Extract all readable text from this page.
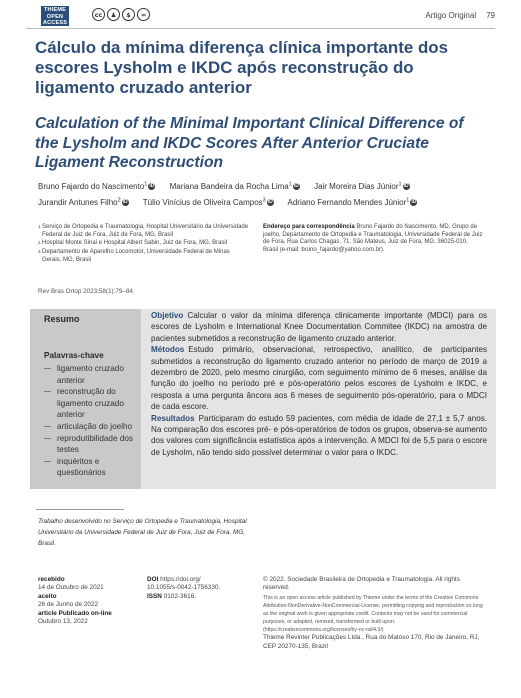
THIEME
OPEN
ACCESS
cc	♟	$	=	Artigo Original 79
Cálculo da mínima diferença clínica importante dos escores Lysholm e IKDC após reconstrução do ligamento cruzado anterior
Calculation of the Minimal Important Clinical Difference of the Lysholm and IKDC Scores After Anterior Cruciate Ligament Reconstruction
Bruno Fajardo do Nascimento$^1$ iD Mariana Bandeira da Rocha Lima$^1$ iD Jair Moreira Dias Júnior$^1$ iD
Jurandir Antunes Filho$^2$ iD Túlio Vinícius de Oliveira Campos$^3$ iD Adriano Fernando Mendes Júnior$^1$ iD
1 Serviço de Ortopedia e Traumatologia, Hospital Universitário da Universidade Federal de Juiz de Fora, Juiz de Fora, MG, Brasil
2 Hospital Monte Sinai e Hospital Albert Sabin, Juiz de Fora, MG, Brasil
3 Departamento de Aparelho Locomotor, Universidade Federal de Minas Gerais, MG, Brasil
Endereço para correspondência Bruno Fajardo do Nascimento, MD, Grupo de joelho, Departamento de Ortopedia e Traumatologia, Universidade Federal de Juiz de Fora, Rua Carlos Chagas, 71, São Mateus, Juiz de Fora, MG, 36025-010, Brasil (e-mail: bruno_fajardo@yahoo.com.br).
Rev Bras Ortop 2023;58(1):79–84.
Resumo
Palavras-chave
— ligamento cruzado anterior
— reconstrução do ligamento cruzado anterior
— articulação do joelho
— reprodutibilidade dos testes
— inquéritos e questionários

Objetivo Calcular o valor da mínima diferença clinicamente importante (MDCI) para os escores de Lysholm e International Knee Documentation Commitee (IKDC) na amostra de pacientes submetidos a reconstrução de ligamento cruzado anterior.

Métodos Estudo primário, observacional, retrospectivo, analítico, de participantes submetidos a reconstrução do ligamento cruzado anterior no período de março de 2019 a dezembro de 2020, pelo mesmo cirurgião, com seguimento mínimo de 6 meses, análise da função do joelho no período pré e pós-operatório pelos escores de Lysholm e IKDC, e resposta a uma pergunta âncora aos 6 meses de seguimento pós-operatório, para o MDCI de cada escore.

Resultados Participaram do estudo 59 pacientes, com média de idade de 27,1 ± 5,7 anos. Na comparação dos escores pré- e pós-operatórios de todos os grupos, observa-se aumento dos valores com significância estatística após a intervenção. A MDCI foi de 5,5 para o escore de Lysholm, não tendo sido possível determinar o valor para o IKDC.

Trabalho desenvolvido no Serviço de Ortopedia e Traumatologia, Hospital Universitário da Universidade Federal de Juiz de Fora, Juiz de Fora, MG, Brasil.
recebido
14 de Outubro de 2021
aceito
26 de Junho de 2022
article Publicado on-line
Outubro 13, 2022
DOI https://doi.org/
10.1055/s-0042-1756330.
ISSN 0102-3616.
© 2022. Sociedade Brasileira de Ortopedia e Traumatologia. All rights reserved.
This is an open access article published by Thieme under the terms of the Creative Commons Attribution-NonDerivative-NonCommercial-License, permitting copying and reproduction so long as the original work is given appropriate credit. Contents may not be used for commercial purposes, or adapted, remixed, transformed or built upon. (https://creativecommons.org/licenses/by-nc-nd/4.0/)
Thieme Revinter Publicações Ltda., Rua do Matoso 170, Rio de Janeiro, RJ, CEP 20270-135, Brazil
